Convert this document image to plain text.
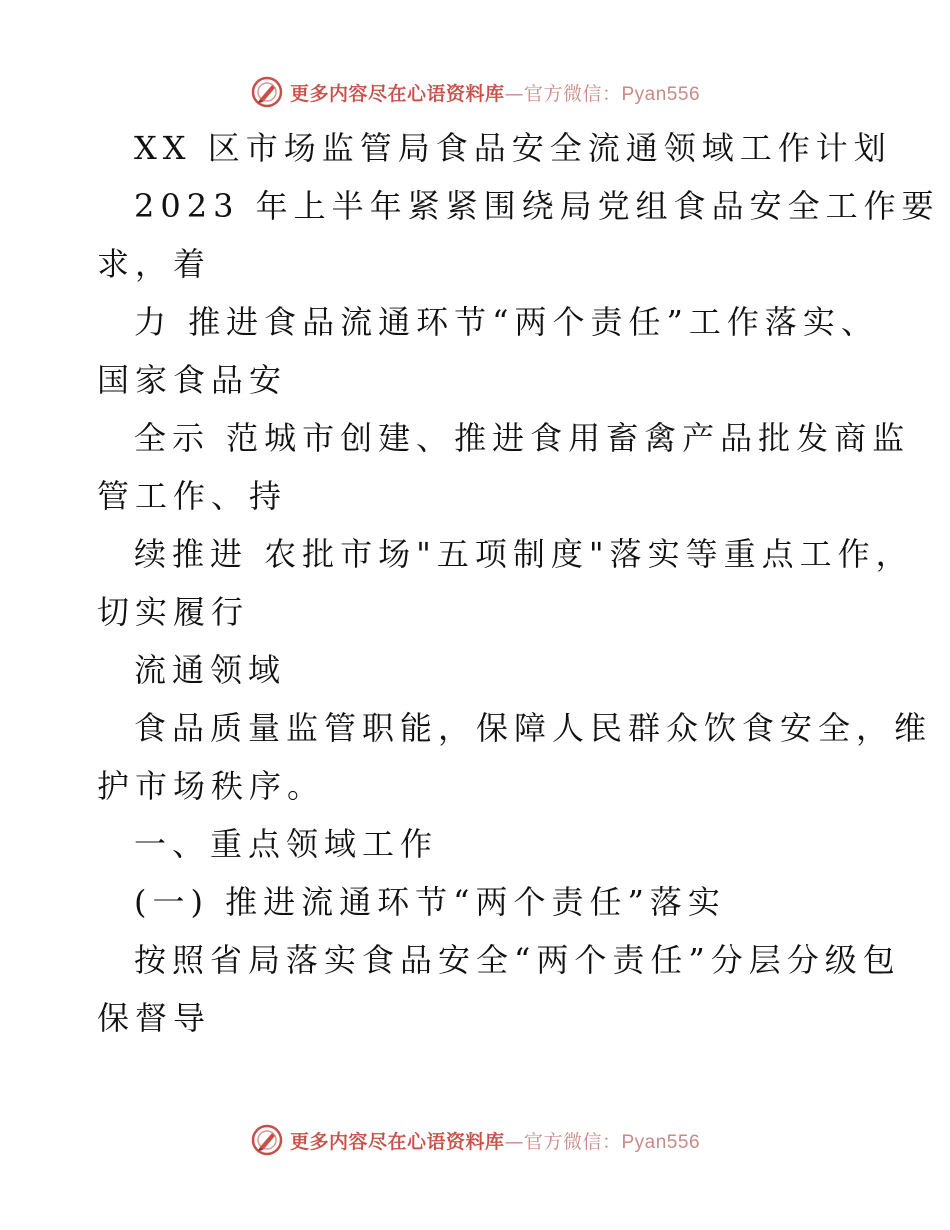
更多内容尽在心语资料库—官方微信：Pyan556
XX 区市场监管局食品安全流通领域工作计划
2023 年上半年紧紧围绕局党组食品安全工作要
求，着
力 推进食品流通环节“两个责任”工作落实、
国家食品安
全示 范城市创建、推进食用畜禽产品批发商监
管工作、持
续推进 农批市场"五项制度"落实等重点工作，
切实履行
流通领域
食品质量监管职能，保障人民群众饮食安全，维
护市场秩序。
一、重点领域工作
(一) 推进流通环节“两个责任”落实
按照省局落实食品安全“两个责任”分层分级包
保督导
更多内容尽在心语资料库—官方微信：Pyan556
